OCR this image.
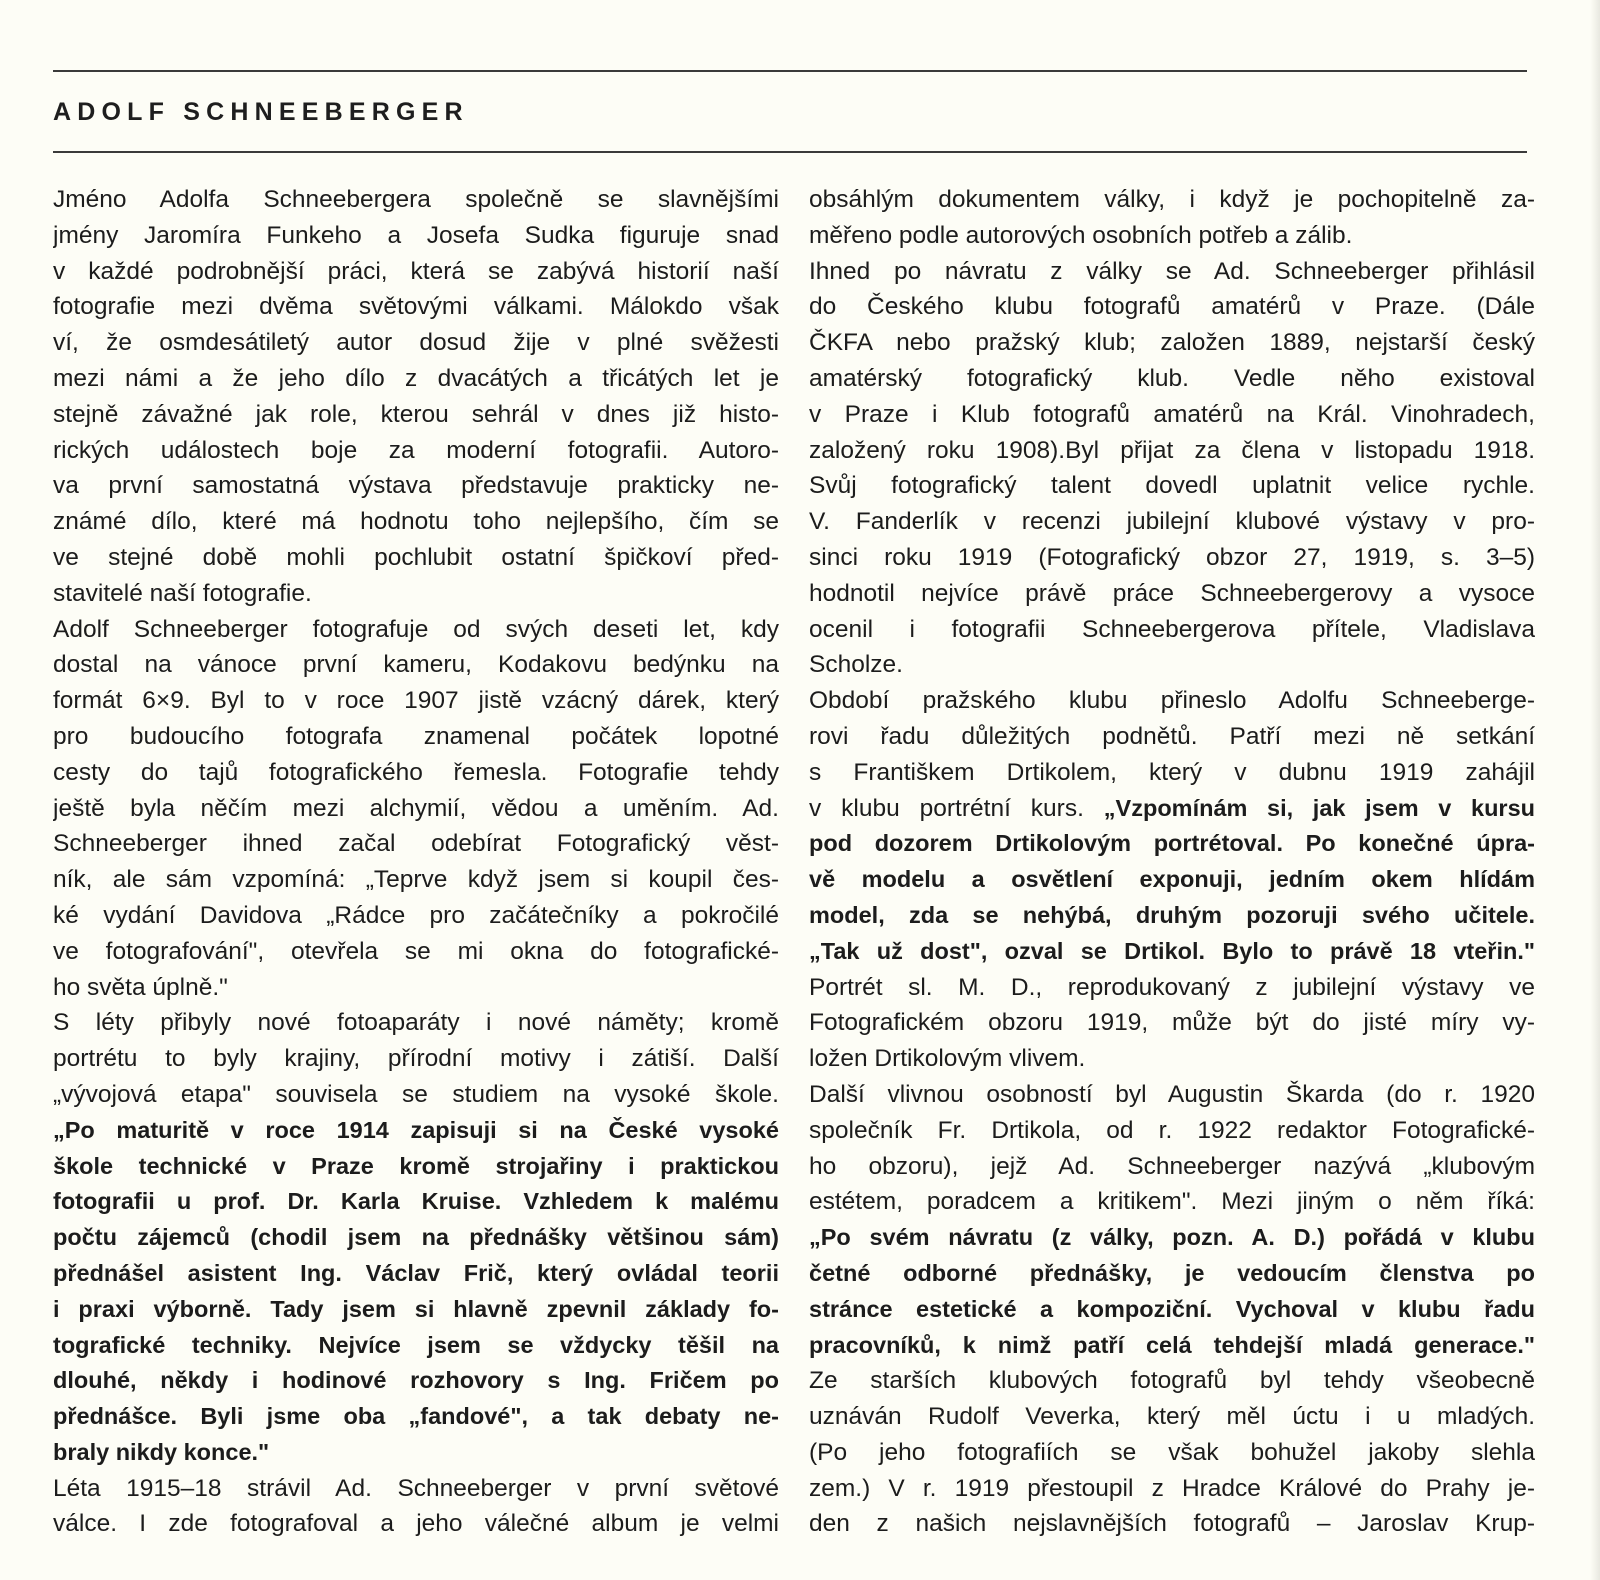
ADOLF SCHNEEBERGER
Jméno Adolfa Schneebergera společně se slavnějšími
jmény Jaromíra Funkeho a Josefa Sudka figuruje snad
v každé podrobnější práci, která se zabývá historií naší
fotografie mezi dvěma světovými válkami. Málokdo však
ví, že osmdesátiletý autor dosud žije v plné svěžesti
mezi námi a že jeho dílo z dvacátých a třicátých let je
stejně závažné jak role, kterou sehrál v dnes již histo-
rických událostech boje za moderní fotografii. Autoro-
va první samostatná výstava představuje prakticky ne-
známé dílo, které má hodnotu toho nejlepšího, čím se
ve stejné době mohli pochlubit ostatní špičkoví před-
stavitelé naší fotografie.
Adolf Schneeberger fotografuje od svých deseti let, kdy
dostal na vánoce první kameru, Kodakovu bedýnku na
formát 6×9. Byl to v roce 1907 jistě vzácný dárek, který
pro budoucího fotografa znamenal počátek lopotné
cesty do tajů fotografického řemesla. Fotografie tehdy
ještě byla něčím mezi alchymií, vědou a uměním. Ad.
Schneeberger ihned začal odebírat Fotografický věst-
ník, ale sám vzpomíná: „Teprve když jsem si koupil čes-
ké vydání Davidova „Rádce pro začátečníky a pokročilé
ve fotografování", otevřela se mi okna do fotografické-
ho světa úplně."
S léty přibyly nové fotoaparáty i nové náměty; kromě
portrétu to byly krajiny, přírodní motivy i zátiší. Další
„vývojová etapa" souvisela se studiem na vysoké škole.
„Po maturitě v roce 1914 zapisuji si na České vysoké
škole technické v Praze kromě strojařiny i praktickou
fotografii u prof. Dr. Karla Kruise. Vzhledem k malému
počtu zájemců (chodil jsem na přednášky většinou sám)
přednášel asistent Ing. Václav Frič, který ovládal teorii
i praxi výborně. Tady jsem si hlavně zpevnil základy fo-
tografické techniky. Nejvíce jsem se vždycky těšil na
dlouhé, někdy i hodinové rozhovory s Ing. Fričem po
přednášce. Byli jsme oba „fandové", a tak debaty ne-
braly nikdy konce."
Léta 1915–18 strávil Ad. Schneeberger v první světové
válce. I zde fotografoval a jeho válečné album je velmi
obsáhlým dokumentem války, i když je pochopitelně za-
měřeno podle autorových osobních potřeb a zálib.
Ihned po návratu z války se Ad. Schneeberger přihlásil
do Českého klubu fotografů amatérů v Praze. (Dále
ČKFA nebo pražský klub; založen 1889, nejstarší český
amatérský fotografický klub. Vedle něho existoval
v Praze i Klub fotografů amatérů na Král. Vinohradech,
založený roku 1908).Byl přijat za člena v listopadu 1918.
Svůj fotografický talent dovedl uplatnit velice rychle.
V. Fanderlík v recenzi jubilejní klubové výstavy v pro-
sinci roku 1919 (Fotografický obzor 27, 1919, s. 3–5)
hodnotil nejvíce právě práce Schneebergerovy a vysoce
ocenil i fotografii Schneebergerova přítele, Vladislava
Scholze.
Období pražského klubu přineslo Adolfu Schneeberge-
rovi řadu důležitých podnětů. Patří mezi ně setkání
s Františkem Drtikolem, který v dubnu 1919 zahájil
v klubu portrétní kurs. „Vzpomínám si, jak jsem v kursu
pod dozorem Drtikolovým portrétoval. Po konečné úpra-
vě modelu a osvětlení exponuji, jedním okem hlídám
model, zda se nehýbá, druhým pozoruji svého učitele.
„Tak už dost", ozval se Drtikol. Bylo to právě 18 vteřin."
Portrét sl. M. D., reprodukovaný z jubilejní výstavy ve
Fotografickém obzoru 1919, může být do jisté míry vy-
ložen Drtikolovým vlivem.
Další vlivnou osobností byl Augustin Škarda (do r. 1920
společník Fr. Drtikola, od r. 1922 redaktor Fotografické-
ho obzoru), jejž Ad. Schneeberger nazývá „klubovým
estétem, poradcem a kritikem". Mezi jiným o něm říká:
„Po svém návratu (z války, pozn. A. D.) pořádá v klubu
četné odborné přednášky, je vedoucím členstva po
stránce estetické a kompoziční. Vychoval v klubu řadu
pracovníků, k nimž patří celá tehdejší mladá generace."
Ze starších klubových fotografů byl tehdy všeobecně
uznáván Rudolf Veverka, který měl úctu i u mladých.
(Po jeho fotografiích se však bohužel jakoby slehla
zem.) V r. 1919 přestoupil z Hradce Králové do Prahy je-
den z našich nejslavnějších fotografů – Jaroslav Krup-
